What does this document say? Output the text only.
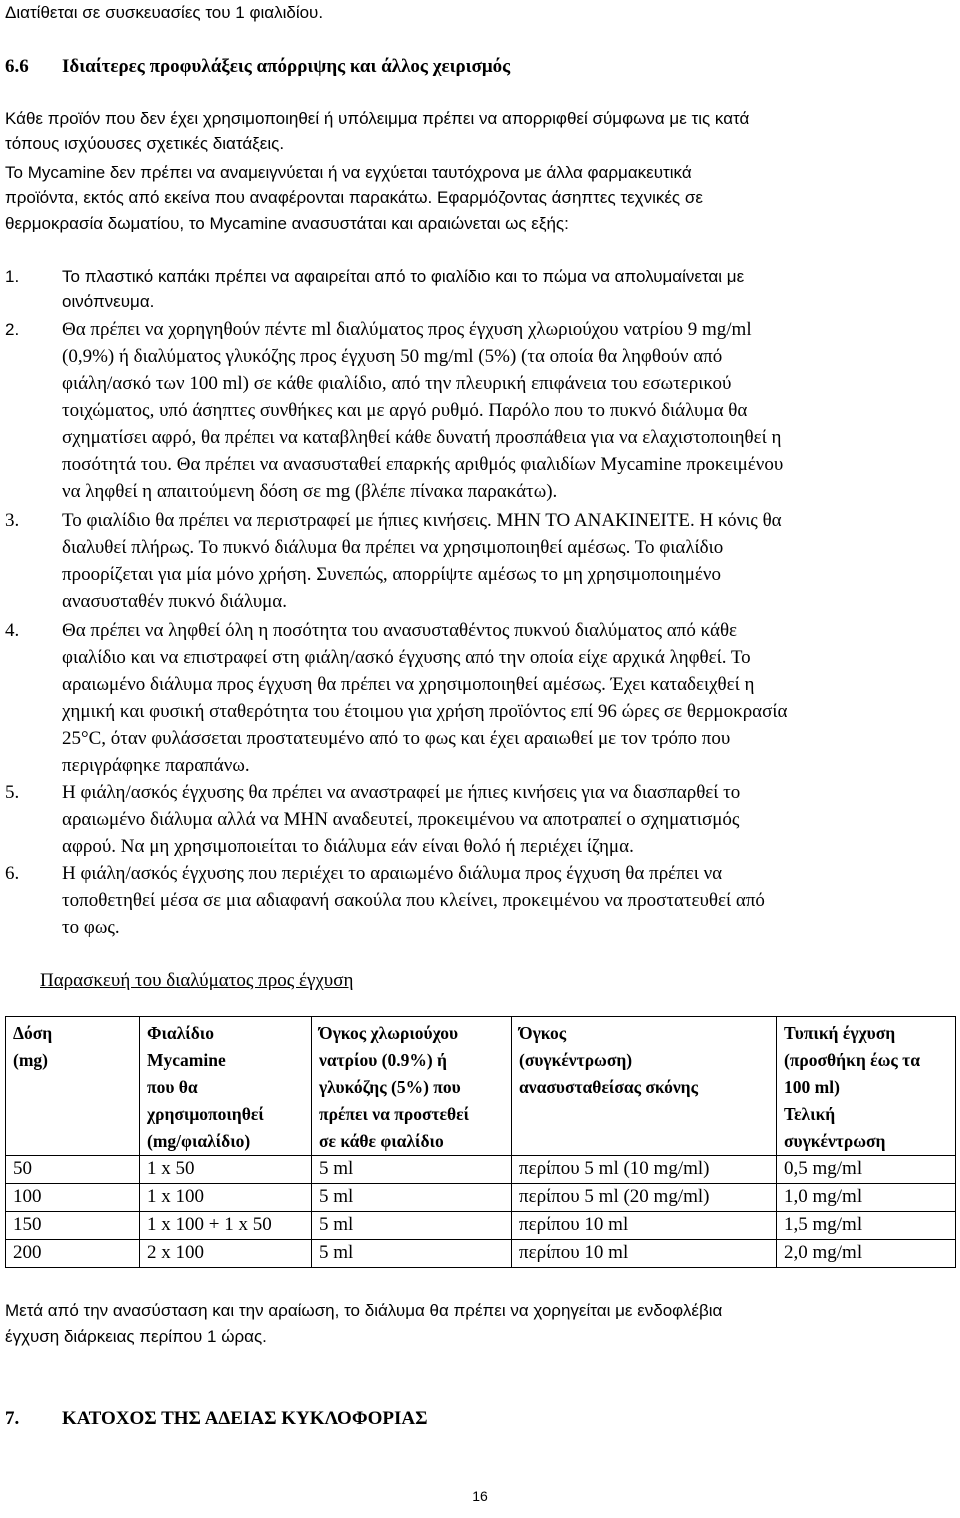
Διατίθεται σε συσκευασίες του 1 φιαλιδίου.
6.6 Ιδιαίτερες προφυλάξεις απόρριψης και άλλος χειρισμός
Κάθε προϊόν που δεν έχει χρησιμοποιηθεί ή υπόλειμμα πρέπει να απορριφθεί σύμφωνα με τις κατά
τόπους ισχύουσες σχετικές διατάξεις.
Το Mycamine δεν πρέπει να αναμειγνύεται ή να εγχύεται ταυτόχρονα με άλλα φαρμακευτικά
προϊόντα, εκτός από εκείνα που αναφέρονται παρακάτω. Εφαρμόζοντας άσηπτες τεχνικές σε
θερμοκρασία δωματίου, το Mycamine ανασυστάται και αραιώνεται ως εξής:
1.	Το πλαστικό καπάκι πρέπει να αφαιρείται από το φιαλίδιο και το πώμα να απολυμαίνεται με
οινόπνευμα.
2. Θα πρέπει να χορηγηθούν πέντε ml διαλύματος προς έγχυση χλωριούχου νατρίου 9 mg/ml
(0,9%) ή διαλύματος γλυκόζης προς έγχυση 50 mg/ml (5%) (τα οποία θα ληφθούν από
φιάλη/ασκό των 100 ml) σε κάθε φιαλίδιο, από την πλευρική επιφάνεια του εσωτερικού
τοιχώματος, υπό άσηπτες συνθήκες και με αργό ρυθμό. Παρόλο που το πυκνό διάλυμα θα
σχηματίσει αφρό, θα πρέπει να καταβληθεί κάθε δυνατή προσπάθεια για να ελαχιστοποιηθεί η
ποσότητά του. Θα πρέπει να ανασυσταθεί επαρκής αριθμός φιαλιδίων Mycamine προκειμένου
να ληφθεί η απαιτούμενη δόση σε mg (βλέπε πίνακα παρακάτω).
3. Το φιαλίδιο θα πρέπει να περιστραφεί με ήπιες κινήσεις. ΜΗΝ ΤΟ ΑΝΑΚΙΝΕΙΤΕ. Η κόνις θα
διαλυθεί πλήρως. Το πυκνό διάλυμα θα πρέπει να χρησιμοποιηθεί αμέσως. Το φιαλίδιο
προορίζεται για μία μόνο χρήση. Συνεπώς, απορρίψτε αμέσως το μη χρησιμοποιημένο
ανασυσταθέν πυκνό διάλυμα.
4. Θα πρέπει να ληφθεί όλη η ποσότητα του ανασυσταθέντος πυκνού διαλύματος από κάθε
φιαλίδιο και να επιστραφεί στη φιάλη/ασκό έγχυσης από την οποία είχε αρχικά ληφθεί. Το
αραιωμένο διάλυμα προς έγχυση θα πρέπει να χρησιμοποιηθεί αμέσως. Έχει καταδειχθεί η
χημική και φυσική σταθερότητα του έτοιμου για χρήση προϊόντος επί 96 ώρες σε θερμοκρασία
25°C, όταν φυλάσσεται προστατευμένο από το φως και έχει αραιωθεί με τον τρόπο που
περιγράφηκε παραπάνω.
5. Η φιάλη/ασκός έγχυσης θα πρέπει να αναστραφεί με ήπιες κινήσεις για να διασπαρθεί το
αραιωμένο διάλυμα αλλά να ΜΗΝ αναδευτεί, προκειμένου να αποτραπεί ο σχηματισμός
αφρού. Να μη χρησιμοποιείται το διάλυμα εάν είναι θολό ή περιέχει ίζημα.
6. Η φιάλη/ασκός έγχυσης που περιέχει το αραιωμένο διάλυμα προς έγχυση θα πρέπει να
τοποθετηθεί μέσα σε μια αδιαφανή σακούλα που κλείνει, προκειμένου να προστατευθεί από
το φως.
Παρασκευή του διαλύματος προς έγχυση
Δόση
(mg)	Φιαλίδιο
Mycamine
που θα
χρησιμοποιηθεί
(mg/φιαλίδιο)	Όγκος χλωριούχου
νατρίου (0.9%) ή
γλυκόζης (5%) που
πρέπει να προστεθεί
σε κάθε φιαλίδιο	Όγκος
(συγκέντρωση)
ανασυσταθείσας σκόνης	Τυπική έγχυση
(προσθήκη έως τα
100 ml)
Τελική
συγκέντρωση

50	1 x 50	5 ml	περίπου 5 ml (10 mg/ml)	0,5 mg/ml
100	1 x 100	5 ml	περίπου 5 ml (20 mg/ml)	1,0 mg/ml
150	1 x 100 + 1 x 50	5 ml	περίπου 10 ml	1,5 mg/ml
200	2 x 100	5 ml	περίπου 10 ml	2,0 mg/ml
Μετά από την ανασύσταση και την αραίωση, το διάλυμα θα πρέπει να χορηγείται με ενδοφλέβια
έγχυση διάρκειας περίπου 1 ώρας.
7. ΚΑΤΟΧΟΣ ΤΗΣ ΑΔΕΙΑΣ ΚΥΚΛΟΦΟΡΙΑΣ
16
